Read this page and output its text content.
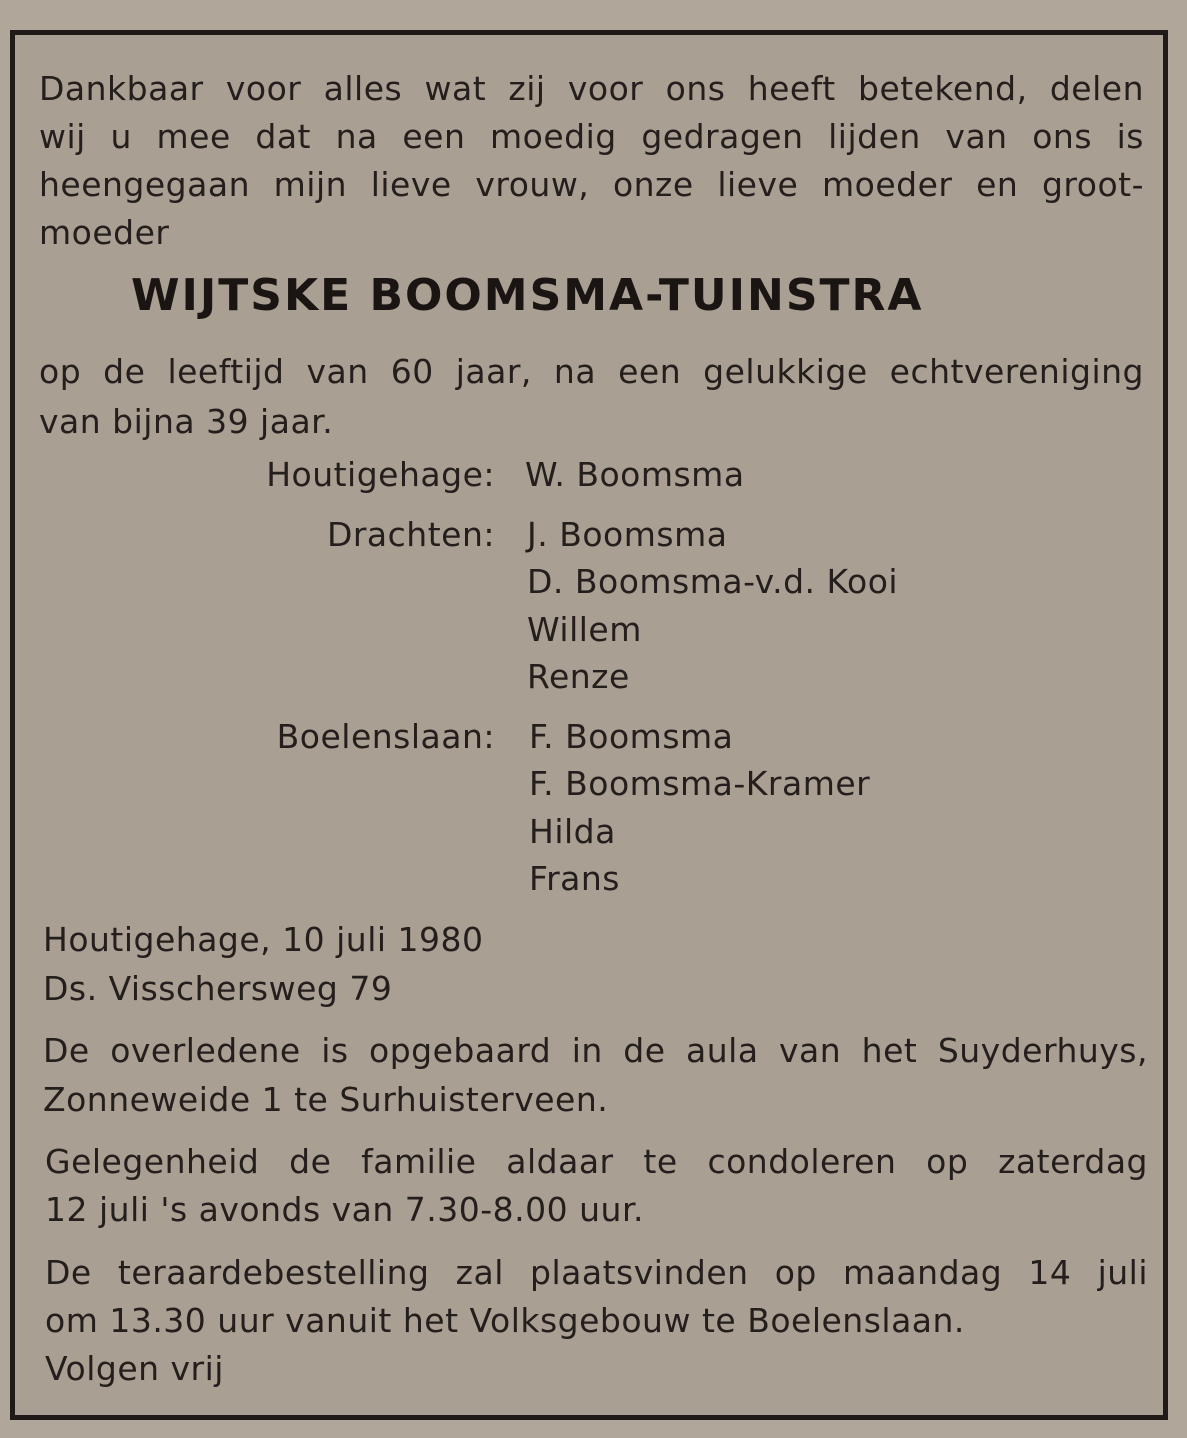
Dankbaar voor alles wat zij voor ons heeft betekend, delen
wij u mee dat na een moedig gedragen lijden van ons is
heengegaan mijn lieve vrouw, onze lieve moeder en groot-
moeder
WIJTSKE BOOMSMA-TUINSTRA
op de leeftijd van 60 jaar, na een gelukkige echtvereniging
van bijna 39 jaar.
Houtigehage: W. Boomsma
Drachten: J. Boomsma
D. Boomsma-v.d. Kooi
Willem
Renze
Boelenslaan: F. Boomsma
F. Boomsma-Kramer
Hilda
Frans
Houtigehage, 10 juli 1980
Ds. Visschersweg 79
De overledene is opgebaard in de aula van het Suyderhuys,
Zonneweide 1 te Surhuisterveen.
Gelegenheid de familie aldaar te condoleren op zaterdag
12 juli 's avonds van 7.30-8.00 uur.
De teraardebestelling zal plaatsvinden op maandag 14 juli
om 13.30 uur vanuit het Volksgebouw te Boelenslaan.
Volgen vrij
